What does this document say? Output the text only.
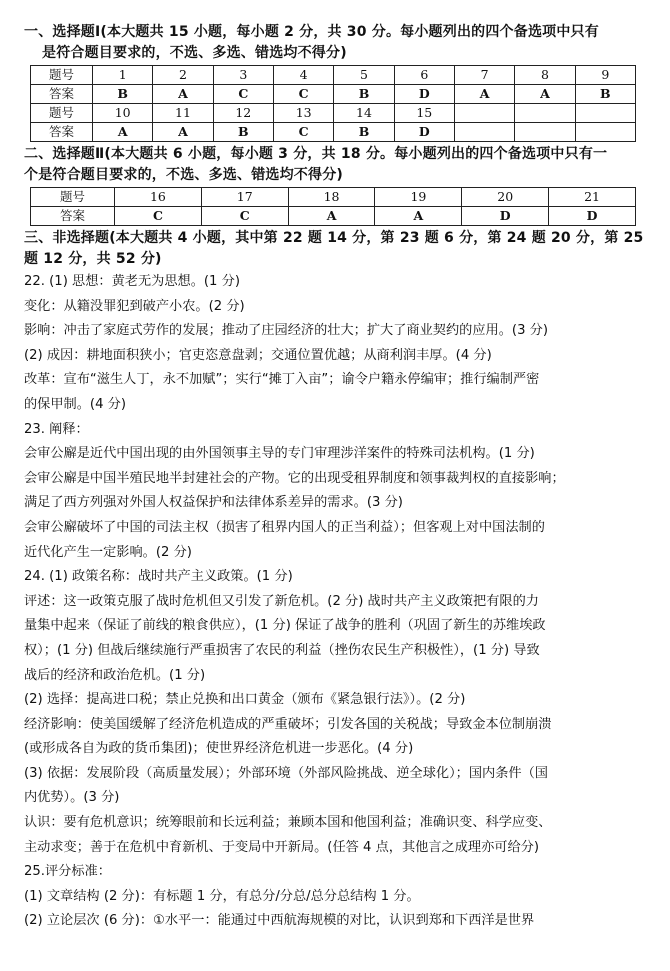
一、选择题Ⅰ(本大题共 15 小题，每小题 2 分，共 30 分。每小题列出的四个备选项中只有
是符合题目要求的，不选、多选、错选均不得分)
题号	1	2	3	4	5	6	7	8	9
答案	B	A	C	C	B	D	A	A	B
题号	10	11	12	13	14	15			
答案	A	A	B	C	B	D			
二、选择题Ⅱ(本大题共 6 小题，每小题 3 分，共 18 分。每小题列出的四个备选项中只有一
个是符合题目要求的，不选、多选、错选均不得分)
题号	16	17	18	19	20	21
答案	C	C	A	A	D	D
三、非选择题(本大题共 4 小题，其中第 22 题 14 分，第 23 题 6 分，第 24 题 20 分，第 25
题 12 分，共 52 分)

22. (1) 思想：黄老无为思想。(1 分)

变化：从籍没罪犯到破产小农。(2 分)

影响：冲击了家庭式劳作的发展；推动了庄园经济的壮大；扩大了商业契约的应用。(3 分)

(2) 成因：耕地面积狭小；官吏恣意盘剥；交通位置优越；从商利润丰厚。(4 分)

改革：宣布“滋生人丁，永不加赋”；实行“摊丁入亩”；谕令户籍永停编审；推行编制严密

的保甲制。(4 分)

23. 阐释：

会审公廨是近代中国出现的由外国领事主导的专门审理涉洋案件的特殊司法机构。(1 分)

会审公廨是中国半殖民地半封建社会的产物。它的出现受租界制度和领事裁判权的直接影响；

满足了西方列强对外国人权益保护和法律体系差异的需求。(3 分)

会审公廨破坏了中国的司法主权（损害了租界内国人的正当利益）；但客观上对中国法制的

近代化产生一定影响。(2 分)

24. (1) 政策名称：战时共产主义政策。(1 分)

评述：这一政策克服了战时危机但又引发了新危机。(2 分) 战时共产主义政策把有限的力

量集中起来（保证了前线的粮食供应），(1 分) 保证了战争的胜利（巩固了新生的苏维埃政

权）；(1 分) 但战后继续施行严重损害了农民的利益（挫伤农民生产积极性），(1 分) 导致

战后的经济和政治危机。(1 分)

(2) 选择：提高进口税；禁止兑换和出口黄金（颁布《紧急银行法》）。(2 分)

经济影响：使美国缓解了经济危机造成的严重破坏；引发各国的关税战；导致金本位制崩溃

(或形成各自为政的货币集团)；使世界经济危机进一步恶化。(4 分)

(3) 依据：发展阶段（高质量发展）；外部环境（外部风险挑战、逆全球化）；国内条件（国

内优势）。(3 分)

认识：要有危机意识；统筹眼前和长远利益；兼顾本国和他国利益；准确识变、科学应变、

主动求变；善于在危机中育新机、于变局中开新局。(任答 4 点，其他言之成理亦可给分)

25.评分标准：

(1) 文章结构 (2 分)：有标题 1 分，有总分/分总/总分总结构 1 分。

(2) 立论层次 (6 分)：①水平一：能通过中西航海规模的对比，认识到郑和下西洋是世界
